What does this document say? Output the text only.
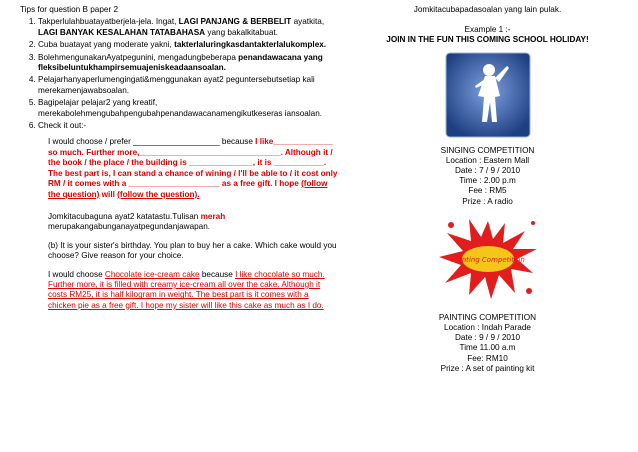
Tips for question B paper 2
1. Takperlulahbuatayatberjela-jela. Ingat, LAGI PANJANG & BERBELIT ayatkita, LAGI BANYAK KESALAHAN TATABAHASA yang bakalkitabuat.
2. Cuba buatayat yang moderate yakni, takterlaluringkasdantakterlalukomplex.
3. BolehmengunakanAyatpegunini, mengadungbeberapa penandawacana yang fleksibeluntukhampirsemuajeniskeadaansoalan.
4. Pelajarhanyaperlumengingati&menggunakan ayat2 peguntersebutsetiap kali merekamenjawabsoalan.
5. Bagipelajar pelajar2 yang kreatif, merekabolehmengubahpengubahpenandawacanamengikutkeseras iansoalan.
6. Check it out:-
I would choose / prefer ___________________ because I like_____________ so much. Further more,_______________________________. Although it / the book / the place / the building is ______________, it is ___________. The best part is, I can stand a chance of wining / I'll be able to / it cost only RM / it comes with a ____________________ as a free gift. I hope (follow the question) will (follow the question).
Jomkitacubaguna ayat2 katatastu.Tulisan merah merupakangabunganayatpegundanjawapan.
(b) It is your sister's birthday. You plan to buy her a cake. Which cake would you choose? Give reason for your choice.
I would choose Chocolate ice-cream cake because I like chocolate so much. Further more, it is filled with creamy ice-cream all over the cake. Although it costs RM25, it is half kilogram in weight. The best part is it comes with a chicken pie as a free gift. I hope my sister will like this cake as much as I do.
Jomkitacubapadasoalan yang lain pulak.
Example 1 :-
JOIN IN THE FUN THIS COMING SCHOOL HOLIDAY!
SINGING COMPETITION
Location : Eastern Mall
Date : 7 / 9 / 2010
Time : 2.00 p.m
Fee : RM5
Prize : A radio
Painting Competition
PAINTING COMPETITION
Location : Indah Parade
Date : 9 / 9 / 2010
Time 11.00 a.m
Fee: RM10
Prize : A set of painting kit
